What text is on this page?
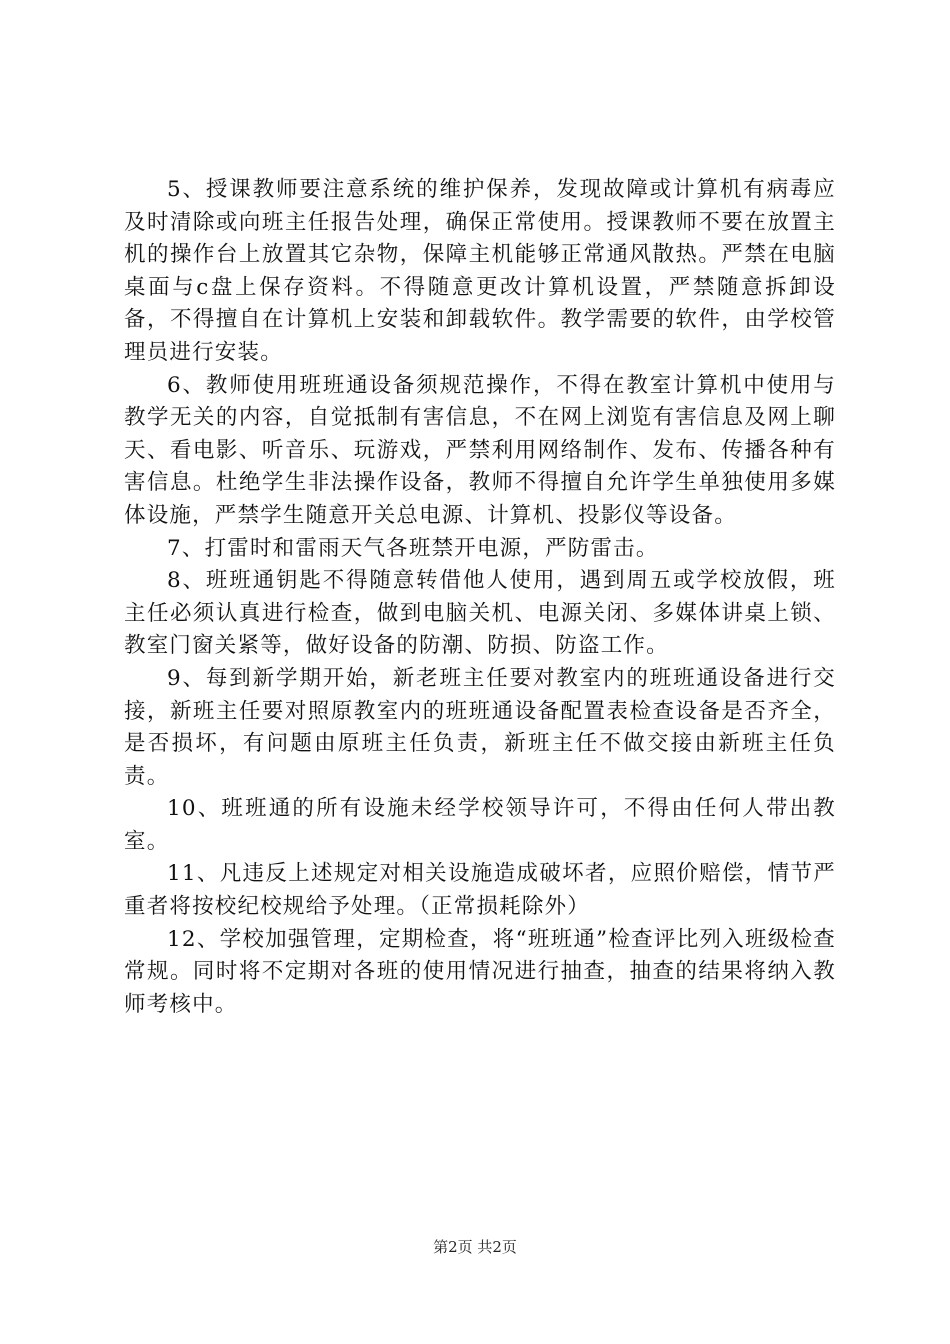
5、授课教师要注意系统的维护保养，发现故障或计算机有病毒应及时清除或向班主任报告处理，确保正常使用。授课教师不要在放置主机的操作台上放置其它杂物，保障主机能够正常通风散热。严禁在电脑桌面与c盘上保存资料。不得随意更改计算机设置，严禁随意拆卸设备，不得擅自在计算机上安装和卸载软件。教学需要的软件，由学校管理员进行安装。

6、教师使用班班通设备须规范操作，不得在教室计算机中使用与教学无关的内容，自觉抵制有害信息，不在网上浏览有害信息及网上聊天、看电影、听音乐、玩游戏，严禁利用网络制作、发布、传播各种有害信息。杜绝学生非法操作设备，教师不得擅自允许学生单独使用多媒体设施，严禁学生随意开关总电源、计算机、投影仪等设备。

7、打雷时和雷雨天气各班禁开电源，严防雷击。

8、班班通钥匙不得随意转借他人使用，遇到周五或学校放假，班主任必须认真进行检查，做到电脑关机、电源关闭、多媒体讲桌上锁、教室门窗关紧等，做好设备的防潮、防损、防盗工作。

9、每到新学期开始，新老班主任要对教室内的班班通设备进行交接，新班主任要对照原教室内的班班通设备配置表检查设备是否齐全，是否损坏，有问题由原班主任负责，新班主任不做交接由新班主任负责。

10、班班通的所有设施未经学校领导许可，不得由任何人带出教室。

11、凡违反上述规定对相关设施造成破坏者，应照价赔偿，情节严重者将按校纪校规给予处理。（正常损耗除外）

12、学校加强管理，定期检查，将“班班通”检查评比列入班级检查常规。同时将不定期对各班的使用情况进行抽查，抽查的结果将纳入教师考核中。

第2页 共2页
